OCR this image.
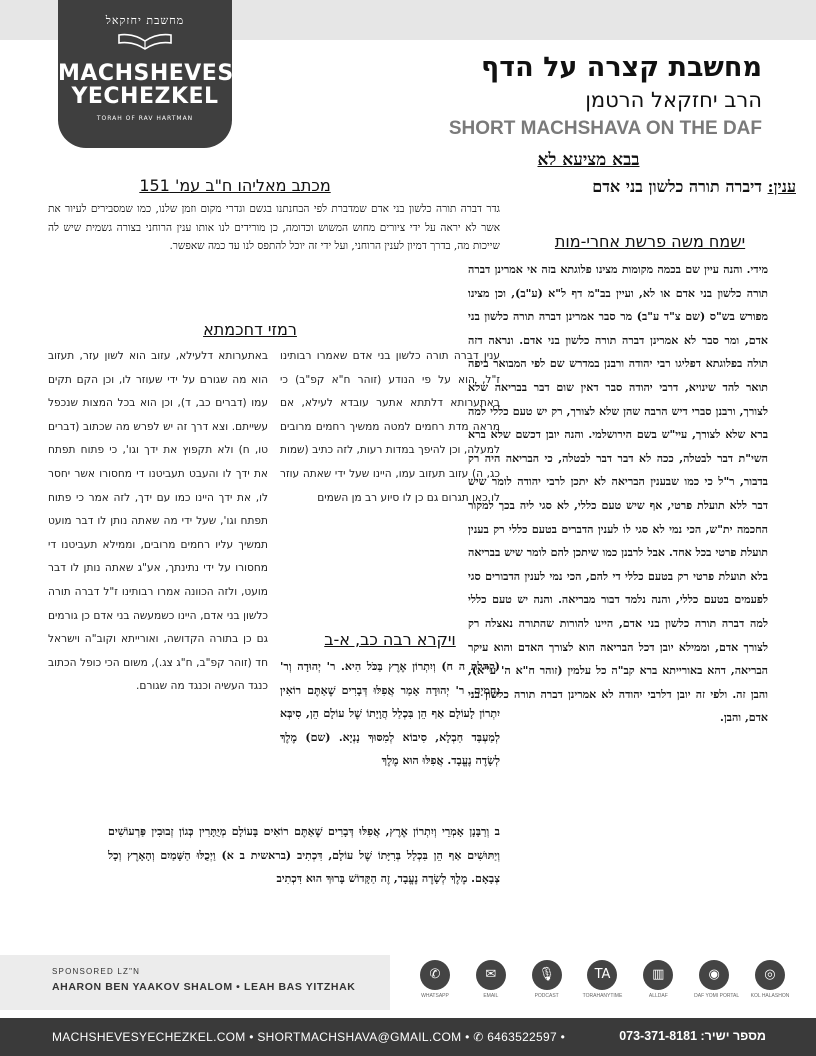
מחשבת יחזקאל
MACHSHEVES
YECHEZKEL
TORAH OF RAV HARTMAN
מחשבת קצרה על הדף
הרב יחזקאל הרטמן
SHORT MACHSHAVA ON THE DAF
בבא מציעא לא
ענין: דיברה תורה כלשון בני אדם
ישמח משה פרשת אחרי-מות
מידי. והנה עיין שם בכמה מקומות מצינו פלוגתא בזה אי אמרינן דברה תורה כלשון בני אדם או לא, ועיין בב"מ דף ל"א (ע"ב), וכן מצינו מפורש בש"ס (שם צ"ד ע"ב) מר סבר אמרינן דברה תורה כלשון בני אדם, ומר סבר לא אמרינן דברה תורה כלשון בני אדם. ונראה דזה תולה בפלוגתא דפליגו רבי יהודה ורבנן במדרש שם לפי המבואר ביפה תואר להד שינויא, דרבי יהודה סבר דאין שום דבר בבריאה שלא לצורך, ורבנן סברי דיש הרבה שהן שלא לצורך, רק יש טעם כללי למה ברא שלא לצורך, עיי"ש בשם הירושלמי. והנה יובן דכשם שלא ברא השי"ת דבר לבטלה, ככה לא דבר דבר לבטלה, כי הבריאה היה רק בדבור, ר"ל כי כמו שבענין הבריאה לא יתכן לרבי יהודה לומר שיש דבר ללא תועלת פרטי, אף שיש טעם כללי, לא סגי ליה בכך למקור החכמה ית"ש, הכי נמי לא סגי לו לענין הדברים בטעם כללי רק בענין תועלת פרטי בכל אחד. אבל לרבנן כמו שיתכן להם לומר שיש בבריאה בלא תועלת פרטי רק בטעם כללי די להם, הכי נמי לענין הדבורים סגי לפעמים בטעם כללי, והנה נלמד דבור מבריאה. והנה יש טעם כללי למה דברה תורה כלשון בני אדם, היינו להורות שהתורה נאצלה רק לצורך אדם, וממילא יובן דכל הבריאה הוא לצורך האדם והוא עיקר הבריאה, דהא באורייתא ברא קב"ה כל עלמין (זוהר ח"א ה' ע"א), והבן זה. ולפי זה יובן דלרבי יהודה לא אמרינן דברה תורה כלשון בני אדם, והבן.
מכתב מאליהו ח"ב עמ' 151
גדר דברה תורה כלשון בני אדם שמדברת לפי הבחנתנו בגשם וגדרי מקום וזמן שלנו, כמו שמסבירים לעיור את אשר לא יראה על ידי ציורים מחוש המשוש וכדומה, כן מורידים לנו אותו ענין הרוחני בצורה גשמית שיש לה שייכות מה, בדרך דמיון לענין הרוחני, ועל ידי זה יוכל להתפס לנו עד כמה שאפשר.
רמזי דחכמתא
ענין דברה תורה כלשון בני אדם שאמרו רבותינו ז"ל, הוא על פי הנודע (זוהר ח"א קפ"ב) כי באתערותא דלתתא אתער עובדא לעילא, אם מראה מדת רחמים למטה ממשיך רחמים מרובים למעלה, וכן להיפך במדות רעות, לזה כתיב (שמות כג, ה) עזוב תעזוב עמו, היינו שעל ידי שאתה עוזר לו כאן תגרום גם כן לו סיוע רב מן השמים
באתערותא דלעילא, עזוב הוא לשון עזר, תעזוב הוא מה שגורם על ידי שעוזר לו, וכן הקם תקים עמו (דברים כב, ד), וכן הוא בכל המצות שנכפל עשייתם. וצא דרך זה יש לפרש מה שכתוב (דברים טו, ח) ולא תקפוץ את ידך וגו', כי פתוח תפתח את ידך לו והעבט תעביטנו די מחסורו אשר יחסר לו, את ידך היינו כמו עם ידך, לזה אמר כי פתוח תפתח וגו', שעל ידי מה שאתה נותן לו דבר מועט תמשיך עליו רחמים מרובים, וממילא תעביטנו די מחסורו על ידי נתינתך, אע"ג שאתה נותן לו דבר מועט, ולזה הכוונה אמרו רבותינו ז"ל דברה תורה כלשון בני אדם, היינו כשמעשה בני אדם כן גורמים גם כן בתורה הקדושה, ואורייתא וקוב"ה וישראל חד (זוהר קפ"ב, ח"ג צג.), משום הכי כופל הכתוב כנגד העשיה וכנגד מה שגורם.
ויקרא רבה כב, א-ב
(קהלת ה ח) וְיִתְרוֹן אֶרֶץ בַּכֹּל הִיא. ר' יְהוּדָה וְר' נְחֶמְיָה. ר' יְהוּדָה אָמַר אֲפִלּוּ דְּבָרִים שֶׁאַתֶּם רוֹאִין יִתְרוֹן לָעוֹלָם אַף הֵן בִּכְלַל הֲוָיָתוֹ שֶׁל עוֹלָם הֵן, סִיבְּא לְמַעְבַּד חַבְלָא, סִיבוֹא לְמִסּוּךְ נָנְיָא. (שם) מֶלֶךְ לְשָׂדֶה נֶעֱבָד. אֲפִלּוּ הוּא מֶלֶךְ
ב וְרַבָּנָן אָמְרֵי וְיִתְרוֹן אֶרֶץ, אֲפִלּוּ דְּבָרִים שֶׁאַתֶּם רוֹאִים בָּעוֹלָם מְיֻתָּרִין כְּגוֹן זְבוּבִין פַּרְעוֹשִׁים וְיַתּוּשִׁים אַף הֵן בִּכְלַל בְּרִיָּתוֹ שֶׁל עוֹלָם, דִּכְתִיב (בראשית ב א) וַיְכֻלּוּ הַשָּׁמַיִם וְהָאָרֶץ וְכָל צְבָאָם. מֶלֶךְ לְשָׂדֶה נֶעֱבָד, זֶה הַקָּדוֹשׁ בָּרוּךְ הוּא דִּכְתִיב
SPONSORED LZ"N
AHARON BEN YAAKOV SHALOM • LEAH BAS YITZHAK
✆
WHATSAPP
✉
EMAIL
🎙
PODCAST
TA
TORAHANYTIME
▥
ALLDAF
◉
DAF YOMI PORTAL
◎
KOL HALASHON
MACHSHEVESYECHEZKEL.COM • SHORTMACHSHAVA@GMAIL.COM • ✆ 6463522597 •	מספר ישיר: 073-371-8181
